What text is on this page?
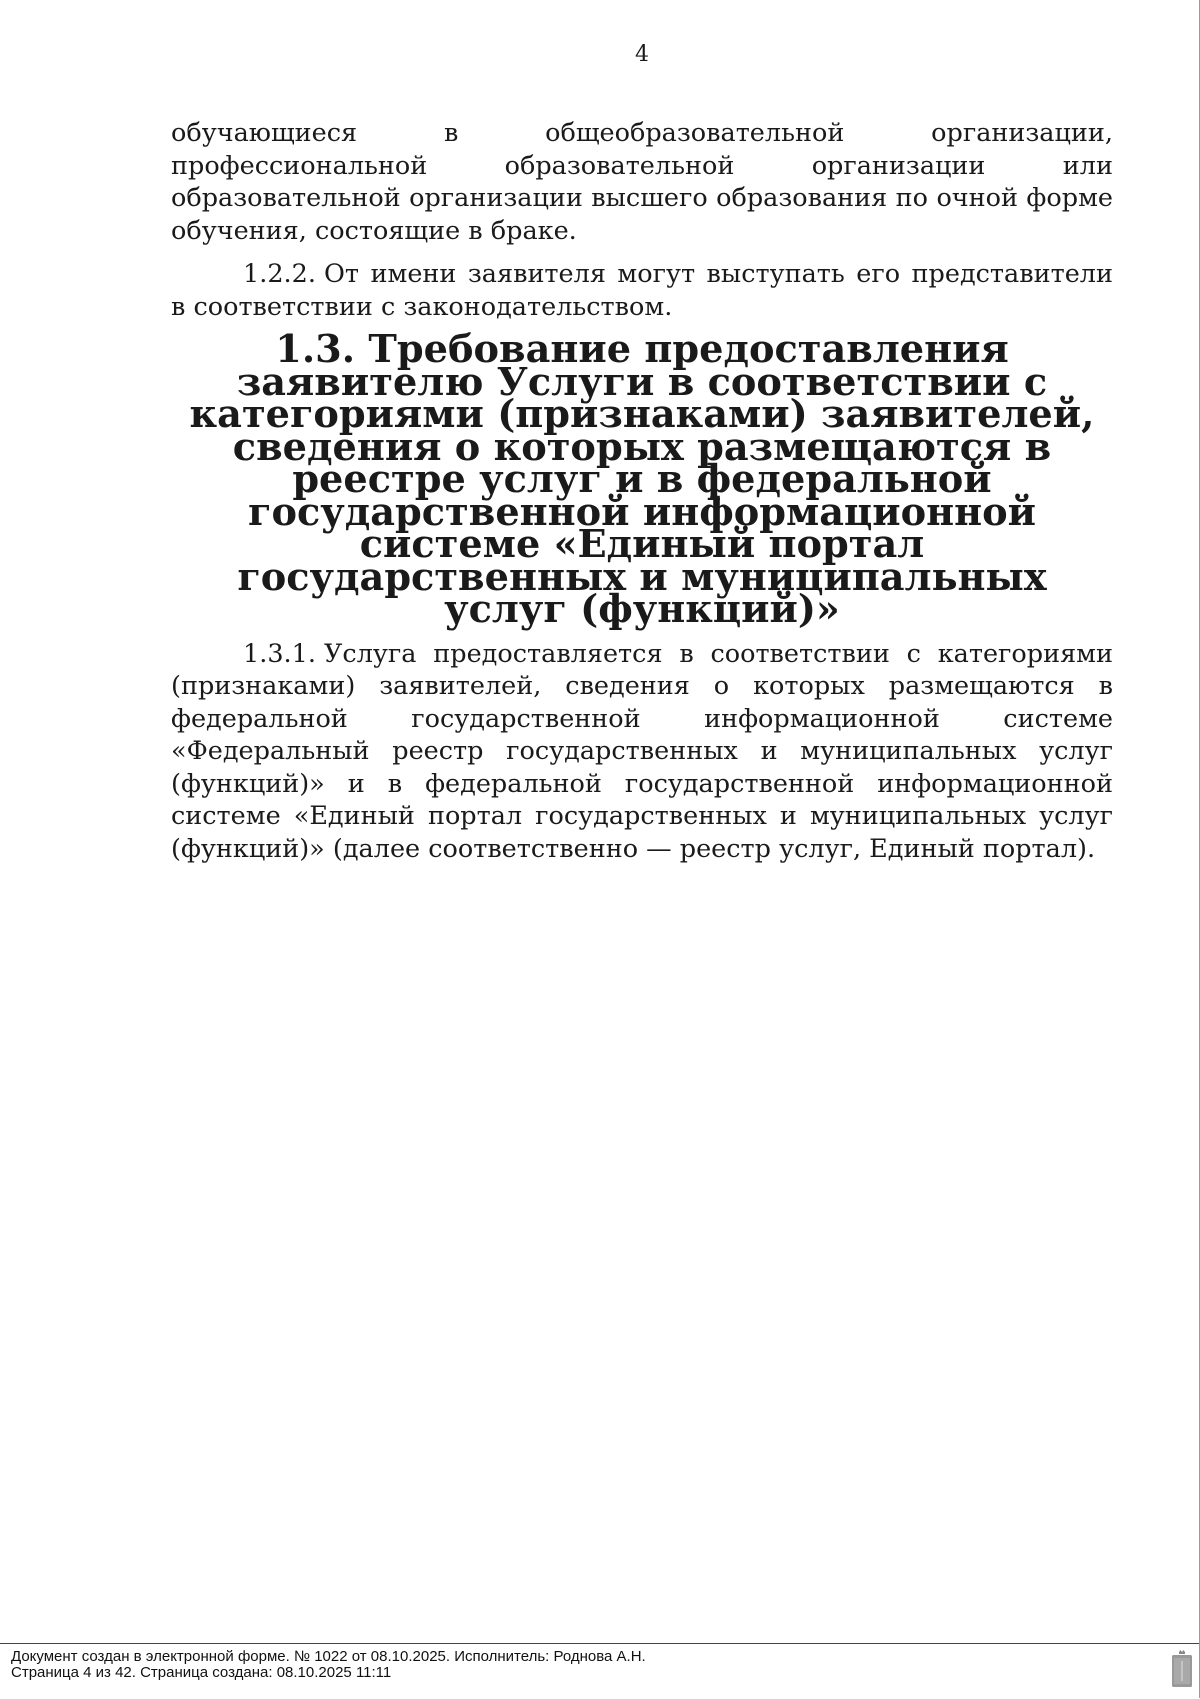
4

обучающиеся в общеобразовательной организации, профессиональной образовательной организации или образовательной организации высшего образования по очной форме обучения, состоящие в браке.

1.2.2. От имени заявителя могут выступать его представители в соответствии с законодательством.

1.3. Требование предоставления заявителю Услуги в соответствии с категориями (признаками) заявителей, сведения о которых размещаются в реестре услуг и в федеральной государственной информационной системе «Единый портал государственных и муниципальных услуг (функций)»

1.3.1. Услуга предоставляется в соответствии с категориями (признаками) заявителей, сведения о которых размещаются в федеральной государственной информационной системе «Федеральный реестр государственных и муниципальных услуг (функций)» и в федеральной государственной информационной системе «Единый портал государственных и муниципальных услуг (функций)» (далее соответственно — реестр услуг, Единый портал).

Документ создан в электронной форме. № 1022 от 08.10.2025. Исполнитель: Роднова А.Н.
Страница 4 из 42. Страница создана: 08.10.2025 11:11
